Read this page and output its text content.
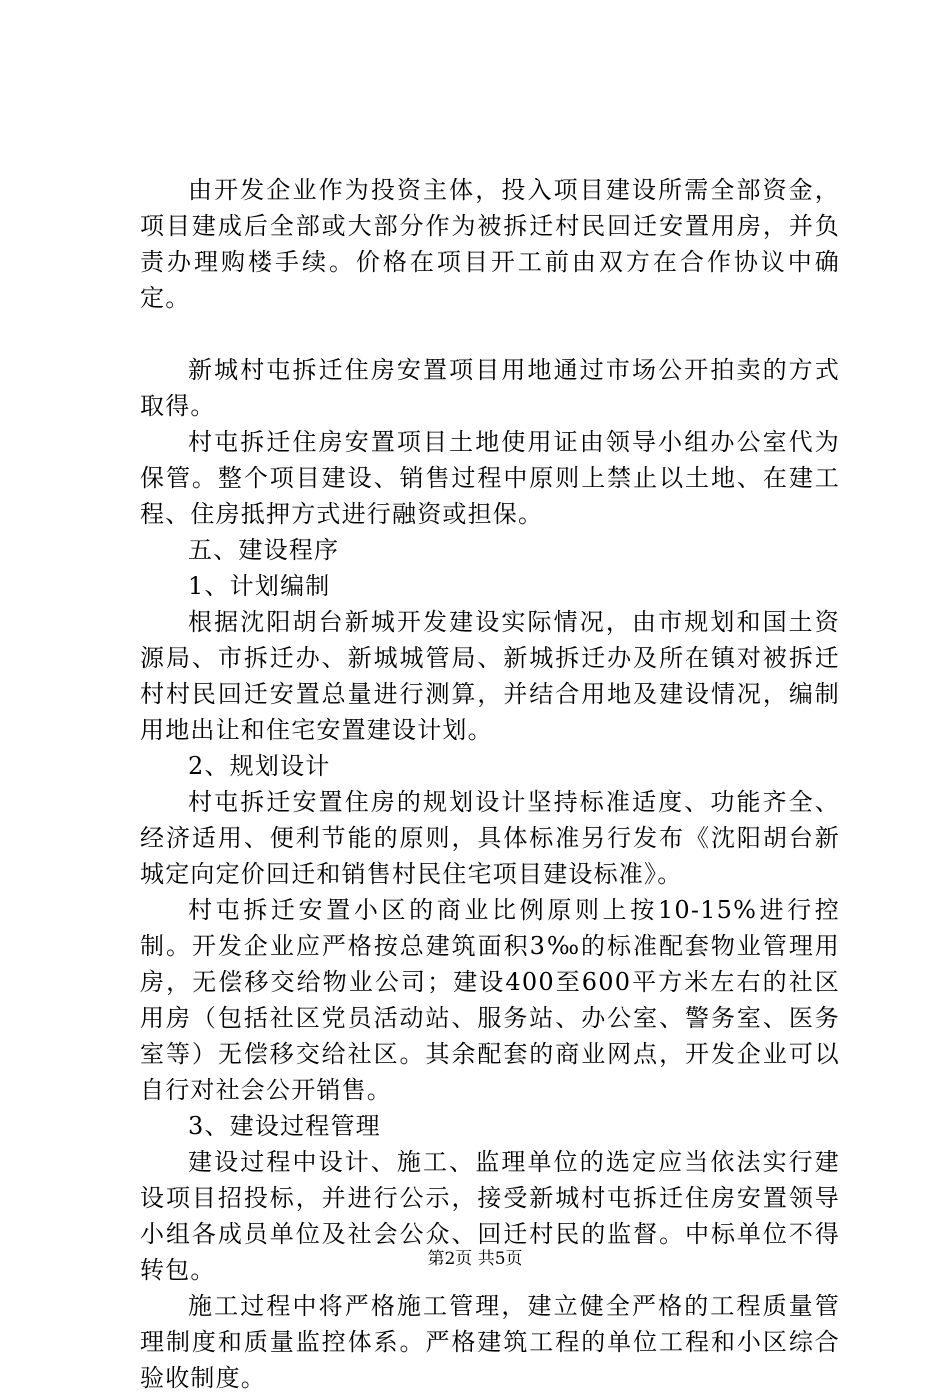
由开发企业作为投资主体，投入项目建设所需全部资金，项目建成后全部或大部分作为被拆迁村民回迁安置用房，并负责办理购楼手续。价格在项目开工前由双方在合作协议中确定。

新城村屯拆迁住房安置项目用地通过市场公开拍卖的方式取得。

村屯拆迁住房安置项目土地使用证由领导小组办公室代为保管。整个项目建设、销售过程中原则上禁止以土地、在建工程、住房抵押方式进行融资或担保。

五、建设程序

1、计划编制

根据沈阳胡台新城开发建设实际情况，由市规划和国土资源局、市拆迁办、新城城管局、新城拆迁办及所在镇对被拆迁村村民回迁安置总量进行测算，并结合用地及建设情况，编制用地出让和住宅安置建设计划。

2、规划设计

村屯拆迁安置住房的规划设计坚持标准适度、功能齐全、经济适用、便利节能的原则，具体标准另行发布《沈阳胡台新城定向定价回迁和销售村民住宅项目建设标准》。

村屯拆迁安置小区的商业比例原则上按10-15%进行控制。开发企业应严格按总建筑面积3‰的标准配套物业管理用房，无偿移交给物业公司；建设400至600平方米左右的社区用房（包括社区党员活动站、服务站、办公室、警务室、医务室等）无偿移交给社区。其余配套的商业网点，开发企业可以自行对社会公开销售。

3、建设过程管理

建设过程中设计、施工、监理单位的选定应当依法实行建设项目招投标，并进行公示，接受新城村屯拆迁住房安置领导小组各成员单位及社会公众、回迁村民的监督。中标单位不得转包。

施工过程中将严格施工管理，建立健全严格的工程质量管理制度和质量监控体系。严格建筑工程的单位工程和小区综合验收制度。

第2页 共5页
